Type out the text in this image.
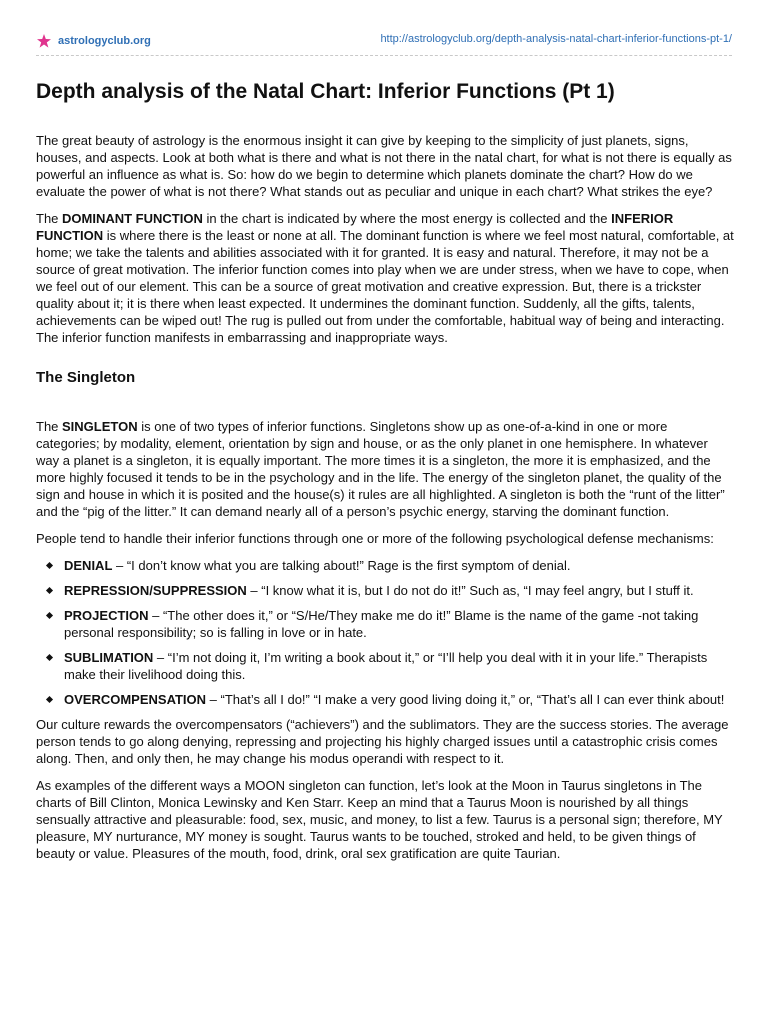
astrologyclub.org	http://astrologyclub.org/depth-analysis-natal-chart-inferior-functions-pt-1/
Depth analysis of the Natal Chart: Inferior Functions (Pt 1)

The great beauty of astrology is the enormous insight it can give by keeping to the simplicity of just planets, signs, houses, and aspects. Look at both what is there and what is not there in the natal chart, for what is not there is equally as powerful an influence as what is. So: how do we begin to determine which planets dominate the chart? How do we evaluate the power of what is not there? What stands out as peculiar and unique in each chart? What strikes the eye?

The DOMINANT FUNCTION in the chart is indicated by where the most energy is collected and the INFERIOR FUNCTION is where there is the least or none at all. The dominant function is where we feel most natural, comfortable, at home; we take the talents and abilities associated with it for granted. It is easy and natural. Therefore, it may not be a source of great motivation. The inferior function comes into play when we are under stress, when we have to cope, when we feel out of our element. This can be a source of great motivation and creative expression. But, there is a trickster quality about it; it is there when least expected. It undermines the dominant function. Suddenly, all the gifts, talents, achievements can be wiped out! The rug is pulled out from under the comfortable, habitual way of being and interacting. The inferior function manifests in embarrassing and inappropriate ways.

The Singleton

The SINGLETON is one of two types of inferior functions. Singletons show up as one-of-a-kind in one or more categories; by modality, element, orientation by sign and house, or as the only planet in one hemisphere. In whatever way a planet is a singleton, it is equally important. The more times it is a singleton, the more it is emphasized, and the more highly focused it tends to be in the psychology and in the life. The energy of the singleton planet, the quality of the sign and house in which it is posited and the house(s) it rules are all highlighted. A singleton is both the “runt of the litter” and the “pig of the litter.” It can demand nearly all of a person’s psychic energy, starving the dominant function.

People tend to handle their inferior functions through one or more of the following psychological defense mechanisms:

DENIAL – “I don’t know what you are talking about!” Rage is the first symptom of denial.
REPRESSION/SUPPRESSION – “I know what it is, but I do not do it!” Such as, “I may feel angry, but I stuff it.
PROJECTION – “The other does it,” or “S/He/They make me do it!” Blame is the name of the game -not taking personal responsibility; so is falling in love or in hate.
SUBLIMATION – “I’m not doing it, I’m writing a book about it,” or “I’ll help you deal with it in your life.” Therapists make their livelihood doing this.
OVERCOMPENSATION – “That’s all I do!” “I make a very good living doing it,” or, “That’s all I can ever think about!

Our culture rewards the overcompensators (“achievers”) and the sublimators. They are the success stories. The average person tends to go along denying, repressing and projecting his highly charged issues until a catastrophic crisis comes along. Then, and only then, he may change his modus operandi with respect to it.

As examples of the different ways a MOON singleton can function, let’s look at the Moon in Taurus singletons in The charts of Bill Clinton, Monica Lewinsky and Ken Starr. Keep an mind that a Taurus Moon is nourished by all things sensually attractive and pleasurable: food, sex, music, and money, to list a few. Taurus is a personal sign; therefore, MY pleasure, MY nurturance, MY money is sought. Taurus wants to be touched, stroked and held, to be given things of beauty or value. Pleasures of the mouth, food, drink, oral sex gratification are quite Taurian.
